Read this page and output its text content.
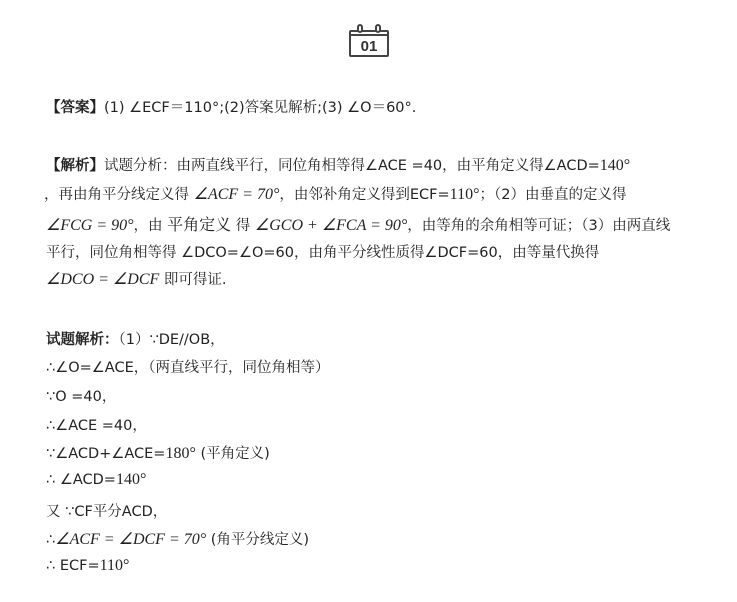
01
【答案】(1) ∠ECF＝110°;(2)答案见解析;(3) ∠O＝60°.
【解析】试题分析：由两直线平行，同位角相等得∠ACE =40，由平角定义得∠ACD=140°
，再由角平分线定义得 ∠ACF = 70°，由邻补角定义得到ECF=110°；（2）由垂直的定义得
∠FCG = 90°，由 平角定义 得 ∠GCO + ∠FCA = 90°，由等角的余角相等可证；（3）由两直线
平行，同位角相等得 ∠DCO=∠O=60，由角平分线性质得∠DCF=60，由等量代换得
∠DCO = ∠DCF 即可得证.
试题解析：（1）∵DE//OB，
∴∠O=∠ACE，（两直线平行，同位角相等）
∵O =40，
∴∠ACE =40，
∵∠ACD+∠ACE=180° (平角定义)
∴ ∠ACD=140°
又 ∵CF平分ACD，
∴∠ACF = ∠DCF = 70° (角平分线定义)
∴ ECF=110°
